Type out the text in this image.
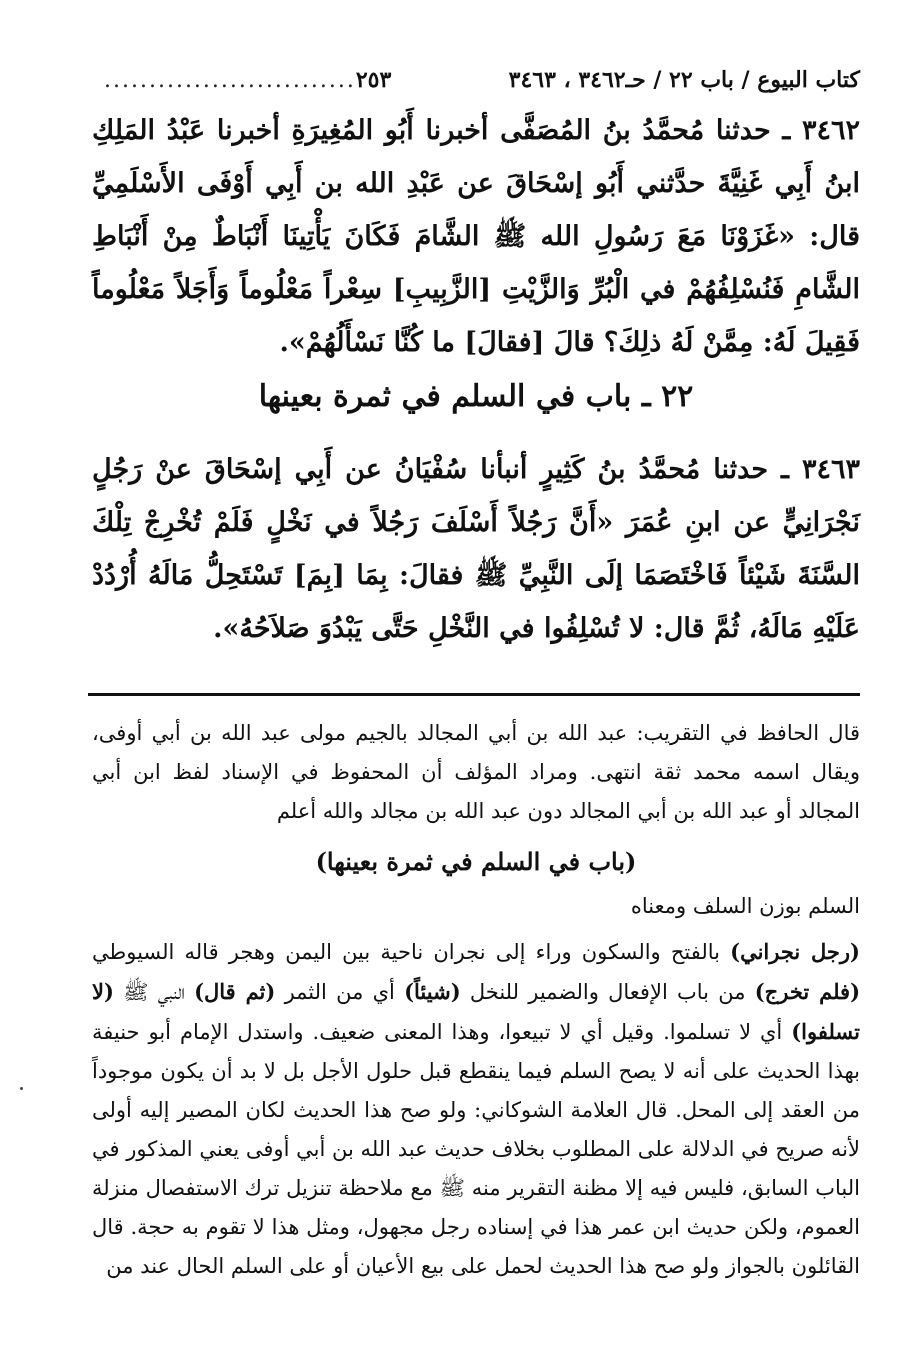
كتاب البيوع / باب ٢٢ / حـ٣٤٦٢ ، ٣٤٦٣
............................ ٢٥٣

٣٤٦٢ ـ حدثنا مُحمَّدُ بنُ المُصَفَّى أخبرنا أَبُو المُغِيرَةِ أخبرنا عَبْدُ المَلِكِ ابنُ أَبِي غَنِيَّةَ حدَّثني أَبُو إسْحَاقَ عن عَبْدِ الله بن أَبِي أَوْفَى الأَسْلَمِيِّ قال: «غَزَوْنَا مَعَ رَسُولِ الله ﷺ الشَّامَ فَكَانَ يَأْتِينَا أَنْبَاطٌ مِنْ أَنْبَاطِ الشَّامِ فَنُسْلِفُهُمْ في الْبُرِّ وَالزَّيْتِ [الزَّبِيبِ] سِعْراً مَعْلُوماً وَأَجَلاً مَعْلُوماً فَقِيلَ لَهُ: مِمَّنْ لَهُ ذلِكَ؟ قالَ [فقالَ] ما كُنَّا نَسْأَلُهُمْ».

٢٢ ـ باب في السلم في ثمرة بعينها

٣٤٦٣ ـ حدثنا مُحمَّدُ بنُ كَثِيرٍ أنبأنا سُفْيَانُ عن أَبِي إسْحَاقَ عنْ رَجُلٍ نَجْرَانِيٍّ عن ابنِ عُمَرَ «أَنَّ رَجُلاً أَسْلَفَ رَجُلاً في نَخْلٍ فَلَمْ تُخْرِجْ تِلْكَ السَّنَةَ شَيْئاً فَاخْتَصَمَا إلَى النَّبِيِّ ﷺ فقالَ: بِمَا [بِمَ] تَسْتَحِلُّ مَالَهُ أُرْدُدْ عَلَيْهِ مَالَهُ، ثُمَّ قال: لا تُسْلِفُوا في النَّخْلِ حَتَّى يَبْدُوَ صَلاَحُهُ».

قال الحافظ في التقريب: عبد الله بن أبي المجالد بالجيم مولى عبد الله بن أبي أوفى، ويقال اسمه محمد ثقة انتهى. ومراد المؤلف أن المحفوظ في الإسناد لفظ ابن أبي المجالد أو عبد الله بن أبي المجالد دون عبد الله بن مجالد والله أعلم

(باب في السلم في ثمرة بعينها)

السلم بوزن السلف ومعناه

(رجل نجراني) بالفتح والسكون وراء إلى نجران ناحية بين اليمن وهجر قاله السيوطي (فلم تخرج) من باب الإفعال والضمير للنخل (شيئاً) أي من الثمر (ثم قال) النبي ﷺ (لا تسلفوا) أي لا تسلموا. وقيل أي لا تبيعوا، وهذا المعنى ضعيف. واستدل الإمام أبو حنيفة بهذا الحديث على أنه لا يصح السلم فيما ينقطع قبل حلول الأجل بل لا بد أن يكون موجوداً من العقد إلى المحل. قال العلامة الشوكاني: ولو صح هذا الحديث لكان المصير إليه أولى لأنه صريح في الدلالة على المطلوب بخلاف حديث عبد الله بن أبي أوفى يعني المذكور في الباب السابق، فليس فيه إلا مظنة التقرير منه ﷺ مع ملاحظة تنزيل ترك الاستفصال منزلة العموم، ولكن حديث ابن عمر هذا في إسناده رجل مجهول، ومثل هذا لا تقوم به حجة. قال القائلون بالجواز ولو صح هذا الحديث لحمل على بيع الأعيان أو على السلم الحال عند من
